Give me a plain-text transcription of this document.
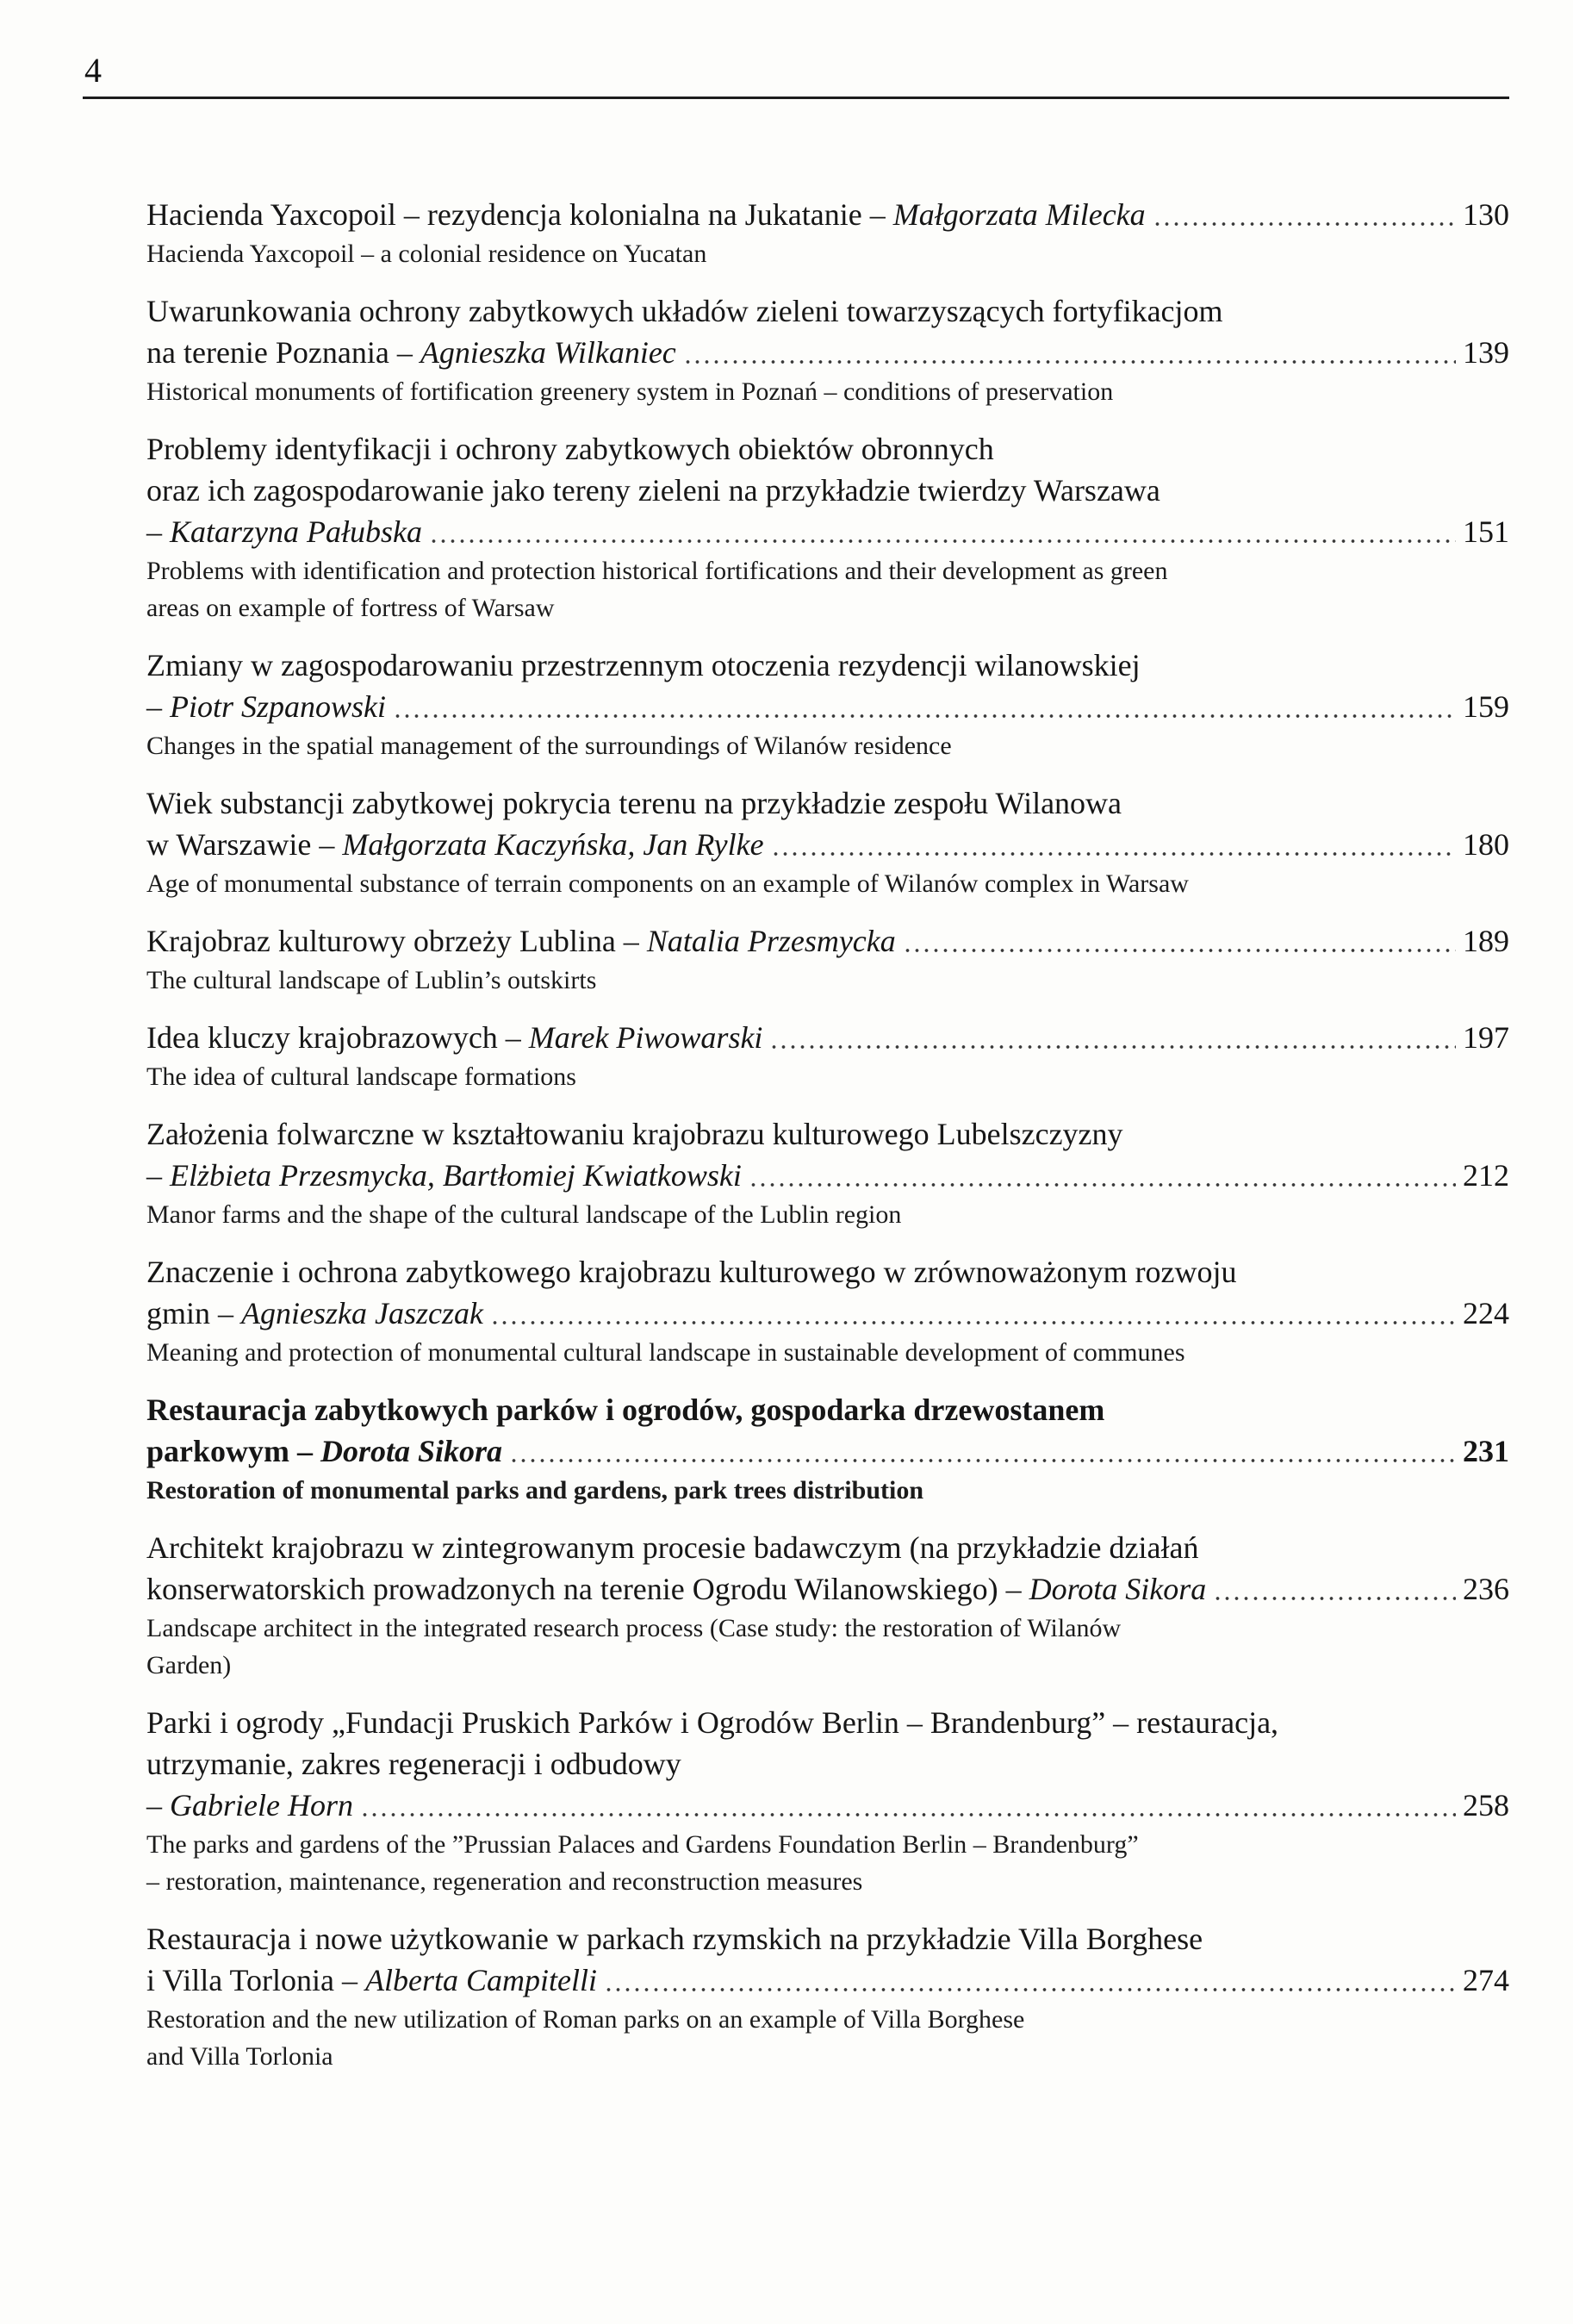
4
Hacienda Yaxcopoil – rezydencja kolonialna na Jukatanie – Małgorzata Milecka	130
Hacienda Yaxcopoil – a colonial residence on Yucatan
Uwarunkowania ochrony zabytkowych układów zieleni towarzyszących fortyfikacjom
na terenie Poznania – Agnieszka Wilkaniec	139
Historical monuments of fortification greenery system in Poznań – conditions of preservation
Problemy identyfikacji i ochrony zabytkowych obiektów obronnych
oraz ich zagospodarowanie jako tereny zieleni na przykładzie twierdzy Warszawa
– Katarzyna Pałubska	151
Problems with identification and protection historical fortifications and their development as green
areas on example of fortress of Warsaw
Zmiany w zagospodarowaniu przestrzennym otoczenia rezydencji wilanowskiej
– Piotr Szpanowski	159
Changes in the spatial management of the surroundings of Wilanów residence
Wiek substancji zabytkowej pokrycia terenu na przykładzie zespołu Wilanowa
w Warszawie – Małgorzata Kaczyńska, Jan Rylke	180
Age of monumental substance of terrain components on an example of Wilanów complex in Warsaw
Krajobraz kulturowy obrzeży Lublina – Natalia Przesmycka	189
The cultural landscape of Lublin’s outskirts
Idea kluczy krajobrazowych – Marek Piwowarski	197
The idea of cultural landscape formations
Założenia folwarczne w kształtowaniu krajobrazu kulturowego Lubelszczyzny
– Elżbieta Przesmycka, Bartłomiej Kwiatkowski	212
Manor farms and the shape of the cultural landscape of the Lublin region
Znaczenie i ochrona zabytkowego krajobrazu kulturowego w zrównoważonym rozwoju
gmin – Agnieszka Jaszczak	224
Meaning and protection of monumental cultural landscape in sustainable development of communes
Restauracja zabytkowych parków i ogrodów, gospodarka drzewostanem
parkowym – Dorota Sikora	231
Restoration of monumental parks and gardens, park trees distribution
Architekt krajobrazu w zintegrowanym procesie badawczym (na przykładzie działań
konserwatorskich prowadzonych na terenie Ogrodu Wilanowskiego) – Dorota Sikora	236
Landscape architect in the integrated research process (Case study: the restoration of Wilanów
Garden)
Parki i ogrody „Fundacji Pruskich Parków i Ogrodów Berlin – Brandenburg” – restauracja,
utrzymanie, zakres regeneracji i odbudowy
– Gabriele Horn	258
The parks and gardens of the ”Prussian Palaces and Gardens Foundation Berlin – Brandenburg”
– restoration, maintenance, regeneration and reconstruction measures
Restauracja i nowe użytkowanie w parkach rzymskich na przykładzie Villa Borghese
i Villa Torlonia – Alberta Campitelli	274
Restoration and the new utilization of Roman parks on an example of Villa Borghese
and Villa Torlonia
